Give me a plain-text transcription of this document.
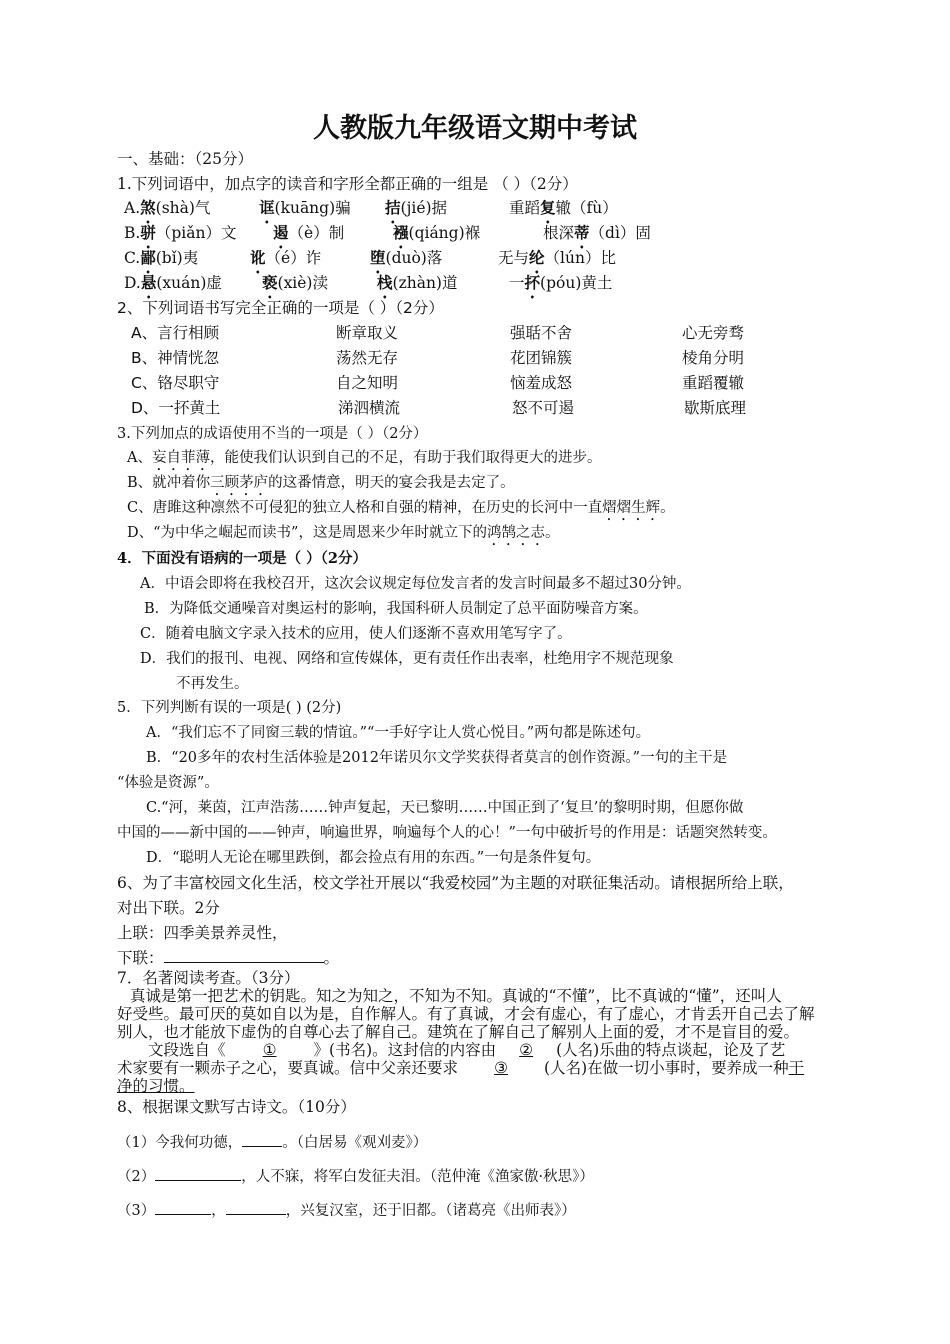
人教版九年级语文期中考试
一、基础：（25分）
1.下列词语中，加点字的读音和字形全都正确的一组是 （ ）（2分）
A.煞(shà)气	诓(kuāng)骗 拮(jié)据	重蹈复辙（fù）
B.骈（piǎn）文 遏（è）制	襁(qiáng)褓	根深蒂（dì）固
C.鄙(bǐ)夷	讹（é）诈	堕(duò)落	无与纶（lún）比
D.悬(xuán)虚	亵(xiè)渎	栈(zhàn)道	一抔(póu)黄土
2、下列词语书写完全正确的一项是（ ）（2分）
A、言行相顾	断章取义	强聒不舍	心无旁骛
B、神情恍忽	荡然无存	花团锦簇	棱角分明
C、铬尽职守	自之知明	恼羞成怒	重蹈覆辙
D、一抔黄土	涕泗横流	怒不可遏	歇斯底理
3.下列加点的成语使用不当的一项是（ ）（2分）
A、妄自菲薄，能使我们认识到自己的不足，有助于我们取得更大的进步。
B、就冲着你三顾茅庐的这番情意，明天的宴会我是去定了。
C、唐雎这种凛然不可侵犯的独立人格和自强的精神，在历史的长河中一直熠熠生辉。
D、“为中华之崛起而读书”，这是周恩来少年时就立下的鸿鹄之志。
4．下面没有语病的一项是（ ）（2分）
A．中语会即将在我校召开，这次会议规定每位发言者的发言时间最多不超过30分钟。
B．为降低交通噪音对奥运村的影响，我国科研人员制定了总平面防噪音方案。
C．随着电脑文字录入技术的应用，使人们逐渐不喜欢用笔写字了。
D．我们的报刊、电视、网络和宣传媒体，更有责任作出表率，杜绝用字不规范现象
不再发生。
5．下列判断有误的一项是( ) (2分)
A．“我们忘不了同窗三载的情谊。”“一手好字让人赏心悦目。”两句都是陈述句。
B．“20多年的农村生活体验是2012年诺贝尔文学奖获得者莫言的创作资源。”一句的主干是
“体验是资源”。
C.“河，莱茵，江声浩荡……钟声复起，天已黎明……中国正到了‘复旦’的黎明时期，但愿你做
中国的——新中国的——钟声，响遍世界，响遍每个人的心！”一句中破折号的作用是：话题突然转变。
D．“聪明人无论在哪里跌倒，都会捡点有用的东西。”一句是条件复句。
6、为了丰富校园文化生活，校文学社开展以“我爱校园”为主题的对联征集活动。请根据所给上联，
对出下联。2分
上联：四季美景养灵性，
下联：	。
7．名著阅读考查。（3分）
真诚是第一把艺术的钥匙。知之为知之，不知为不知。真诚的“不懂”，比不真诚的“懂”，还叫人
好受些。最可厌的莫如自以为是，自作解人。有了真诚，才会有虚心，有了虚心，才肯丢开自己去了解
别人，也才能放下虚伪的自尊心去了解自己。建筑在了解自己了解别人上面的爱，才不是盲目的爱。
文段选自《 ① 》(书名)。这封信的内容由 ② (人名)乐曲的特点谈起，论及了艺
术家要有一颗赤子之心，要真诚。信中父亲还要求 ③ (人名)在做一切小事时，要养成一种干
净的习惯。
8、根据课文默写古诗文。（10分）
（1）今我何功德，	。（白居易《观刈麦》）
（2）	，人不寐，将军白发征夫泪。（范仲淹《渔家傲·秋思》）
（3）	，	，兴复汉室，还于旧都。（诸葛亮《出师表》）
